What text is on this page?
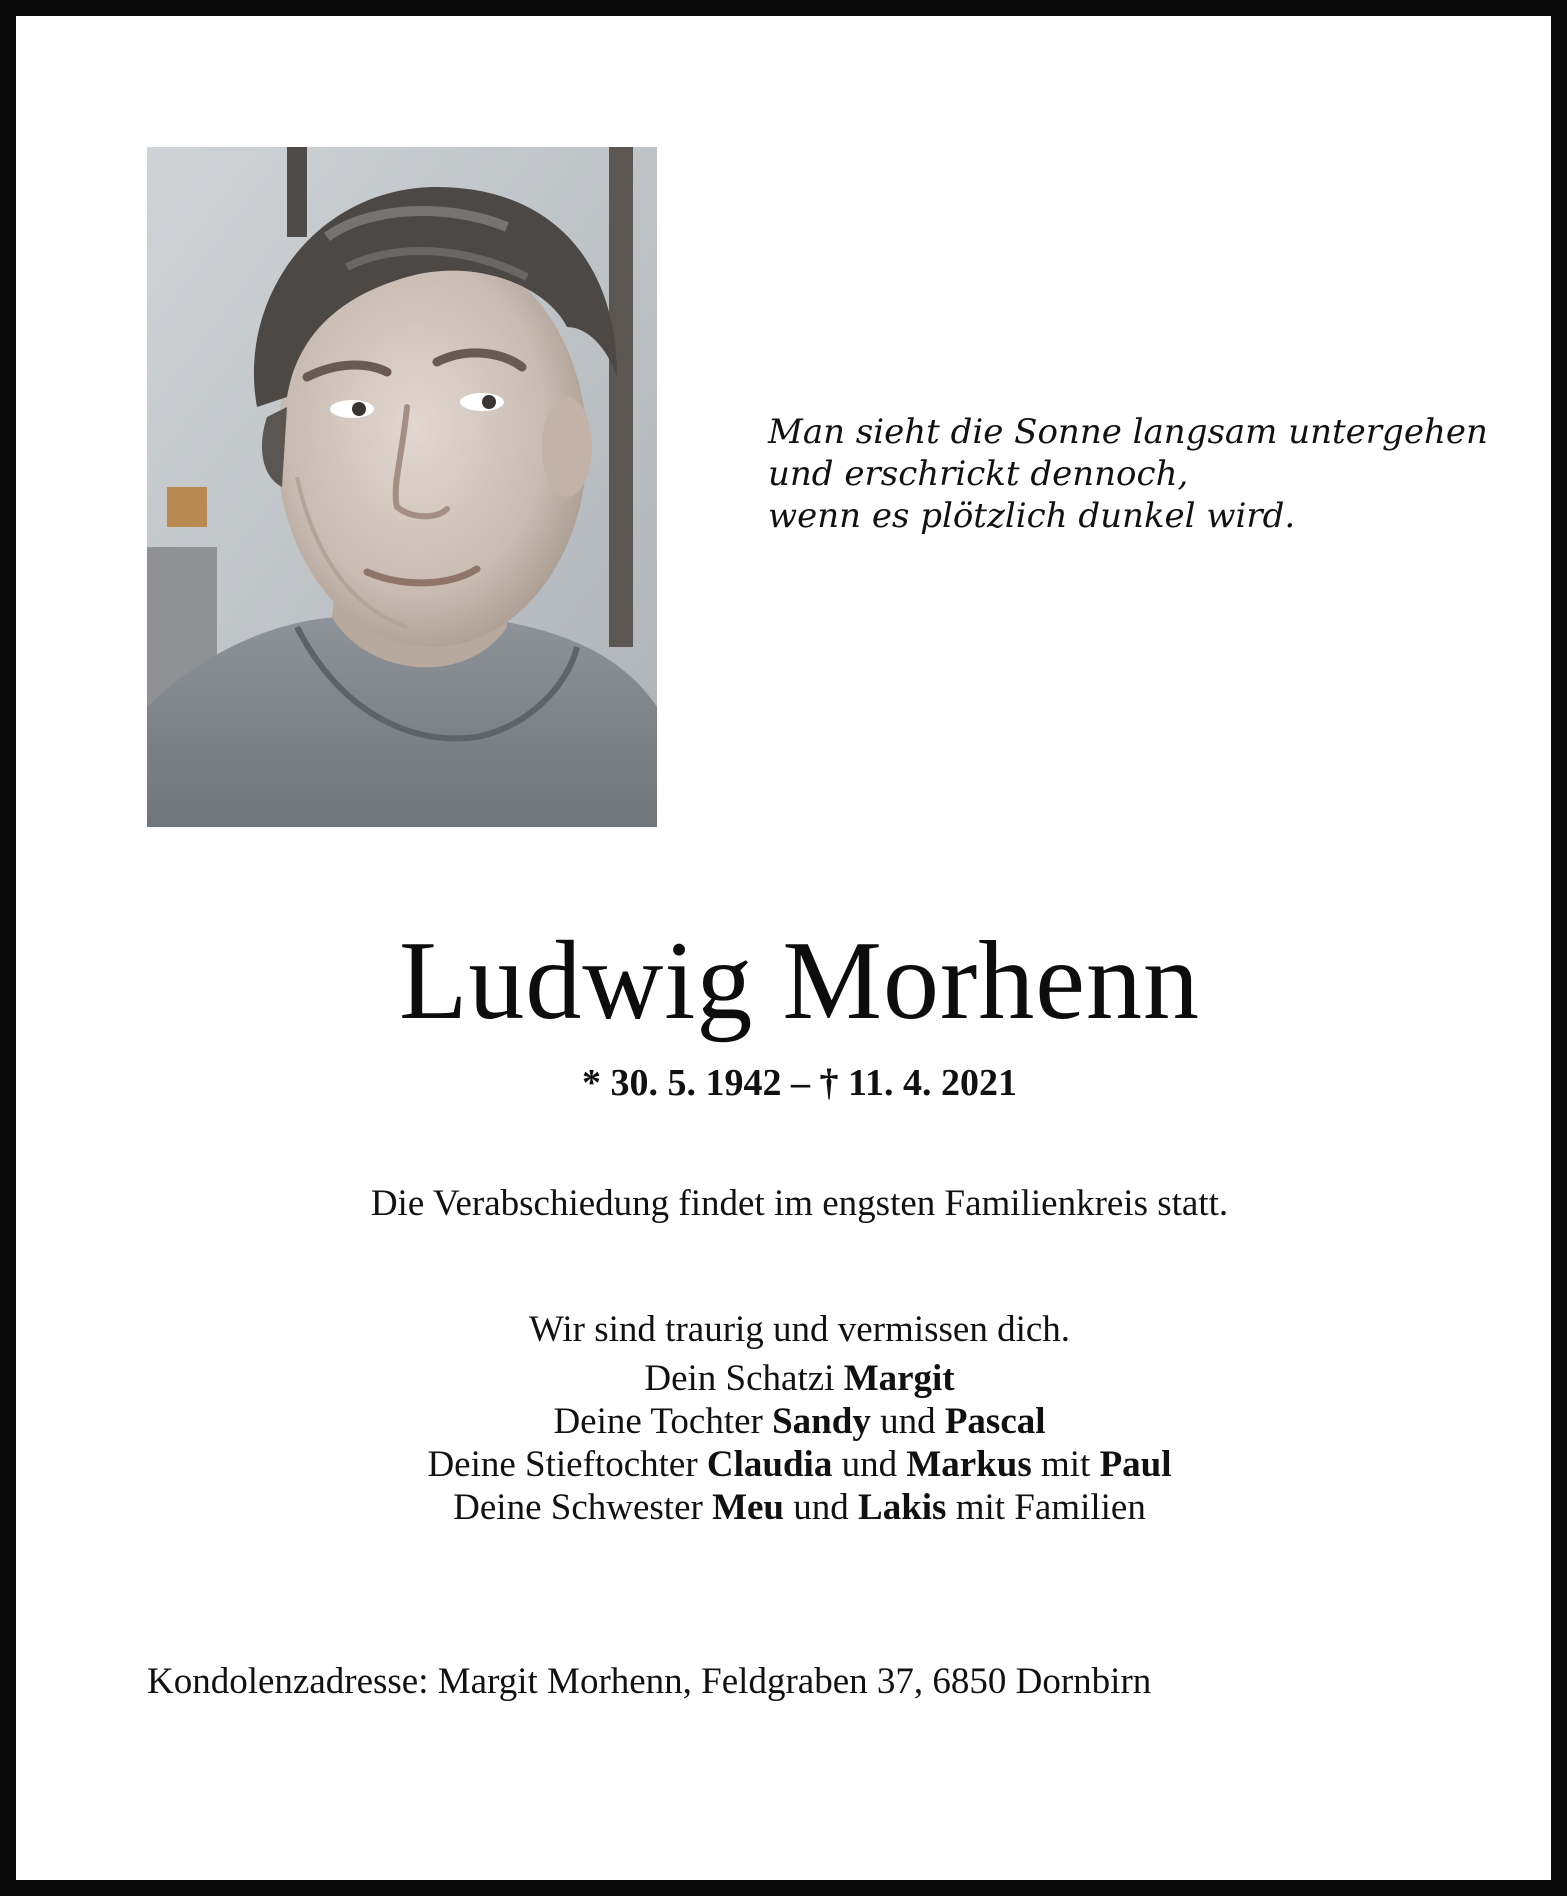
Man sieht die Sonne langsam untergehen
und erschrickt dennoch,
wenn es plötzlich dunkel wird.
Ludwig Morhenn
* 30. 5. 1942 – † 11. 4. 2021
Die Verabschiedung findet im engsten Familienkreis statt.
Wir sind traurig und vermissen dich.
Dein Schatzi Margit
Deine Tochter Sandy und Pascal
Deine Stieftochter Claudia und Markus mit Paul
Deine Schwester Meu und Lakis mit Familien
Kondolenzadresse: Margit Morhenn, Feldgraben 37, 6850 Dornbirn
